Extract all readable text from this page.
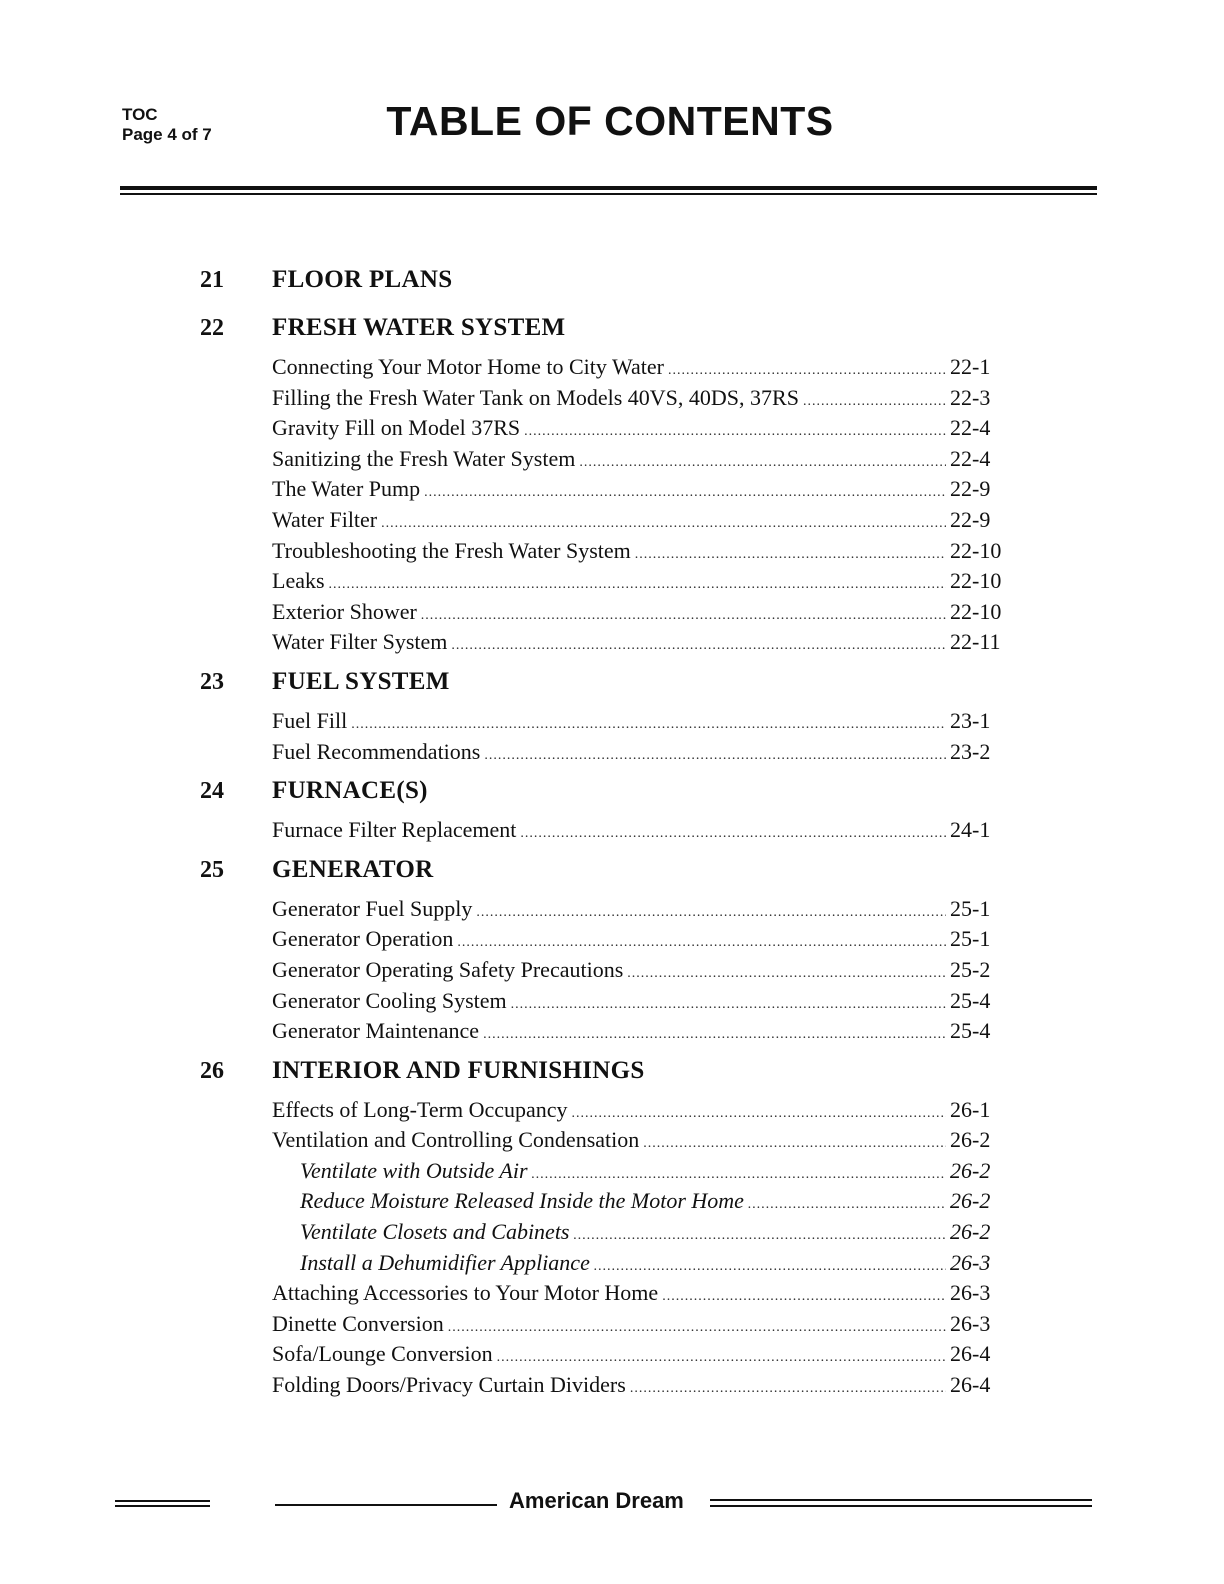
TOC
Page 4 of 7	TABLE OF CONTENTS
21	FLOOR PLANS
22	FRESH WATER SYSTEM
Connecting Your Motor Home to City Water .....	22-1
Filling the Fresh Water Tank on Models 40VS, 40DS, 37RS .....	22-3
Gravity Fill on Model 37RS .....	22-4
Sanitizing the Fresh Water System .....	22-4
The Water Pump .....	22-9
Water Filter .....	22-9
Troubleshooting the Fresh Water System .....	22-10
Leaks .....	22-10
Exterior Shower .....	22-10
Water Filter System .....	22-11
23	FUEL SYSTEM
Fuel Fill .....	23-1
Fuel Recommendations .....	23-2
24	FURNACE(S)
Furnace Filter Replacement .....	24-1
25	GENERATOR
Generator Fuel Supply .....	25-1
Generator Operation .....	25-1
Generator Operating Safety Precautions .....	25-2
Generator Cooling System .....	25-4
Generator Maintenance .....	25-4
26	INTERIOR AND FURNISHINGS
Effects of Long-Term Occupancy .....	26-1
Ventilation and Controlling Condensation .....	26-2
Ventilate with Outside Air .....	26-2
Reduce Moisture Released Inside the Motor Home .....	26-2
Ventilate Closets and Cabinets .....	26-2
Install a Dehumidifier Appliance .....	26-3
Attaching Accessories to Your Motor Home .....	26-3
Dinette Conversion .....	26-3
Sofa/Lounge Conversion .....	26-4
Folding Doors/Privacy Curtain Dividers .....	26-4
American Dream
